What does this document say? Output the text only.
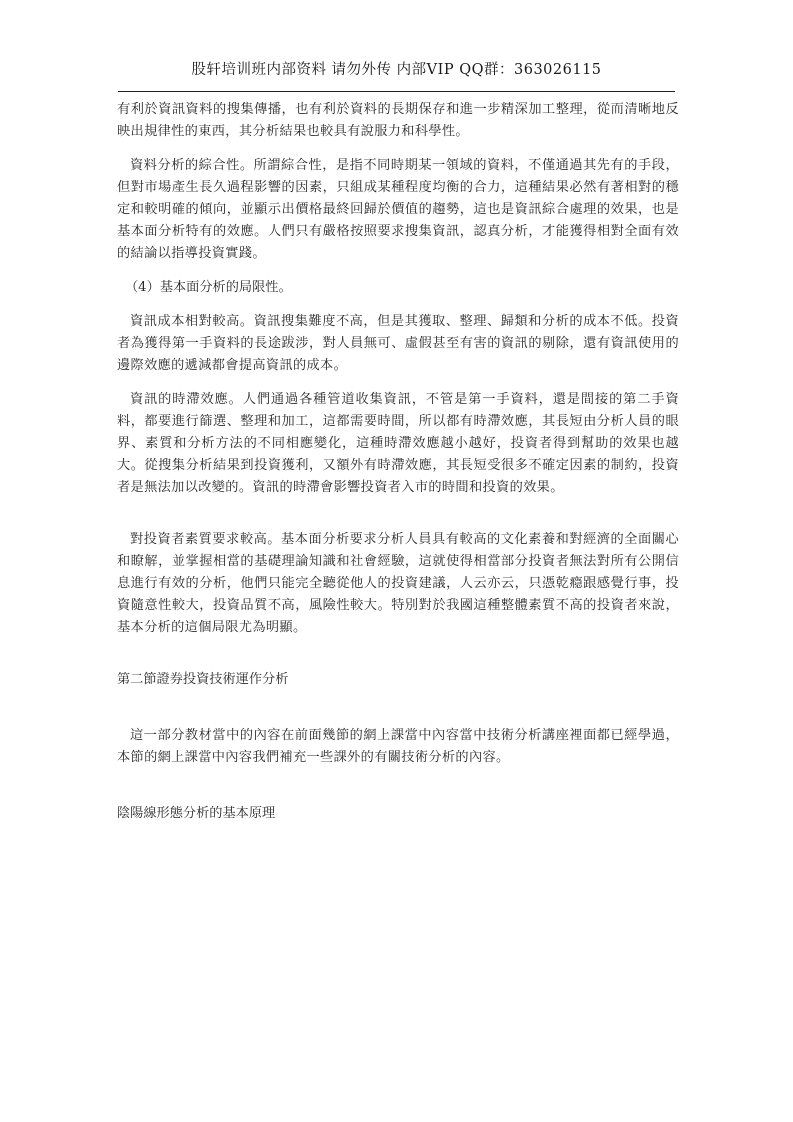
股轩培训班内部资料 请勿外传 内部VIP QQ群：363026115

有利於資訊資料的搜集傳播，也有利於資料的長期保存和進一步精深加工整理，從而清晰地反映出規律性的東西，其分析結果也較具有說服力和科學性。

資料分析的綜合性。所謂綜合性，是指不同時期某一領域的資料，不僅通過其先有的手段，但對市場產生長久過程影響的因素，只組成某種程度均衡的合力，這種結果必然有著相對的穩定和較明確的傾向，並顯示出價格最終回歸於價值的趨勢，這也是資訊綜合處理的效果，也是基本面分析特有的效應。人們只有嚴格按照要求搜集資訊，認真分析，才能獲得相對全面有效的結論以指導投資實踐。

（4）基本面分析的局限性。

資訊成本相對較高。資訊搜集難度不高，但是其獲取、整理、歸類和分析的成本不低。投資者為獲得第一手資料的長途跋涉，對人員無可、虛假甚至有害的資訊的剔除，還有資訊使用的邊際效應的遞減都會提高資訊的成本。

資訊的時滯效應。人們通過各種管道收集資訊，不管是第一手資料，還是間接的第二手資料，都要進行篩選、整理和加工，這都需要時間，所以都有時滯效應，其長短由分析人員的眼界、素質和分析方法的不同相應變化，這種時滯效應越小越好，投資者得到幫助的效果也越大。從搜集分析結果到投資獲利，又額外有時滯效應，其長短受很多不確定因素的制約，投資者是無法加以改變的。資訊的時滯會影響投資者入市的時間和投資的效果。

對投資者素質要求較高。基本面分析要求分析人員具有較高的文化素養和對經濟的全面關心和瞭解，並掌握相當的基礎理論知識和社會經驗，這就使得相當部分投資者無法對所有公開信息進行有效的分析，他們只能完全聽從他人的投資建議，人云亦云，只憑乾瘾跟感覺行事，投資隨意性較大，投資品質不高，風險性較大。特別對於我國這種整體素質不高的投資者來說，基本分析的這個局限尤為明顯。

第二節證券投資技術運作分析

這一部分教材當中的內容在前面幾節的網上課當中內容當中技術分析講座裡面都已經學過，本節的網上課當中內容我們補充一些課外的有關技術分析的內容。

陰陽線形態分析的基本原理
